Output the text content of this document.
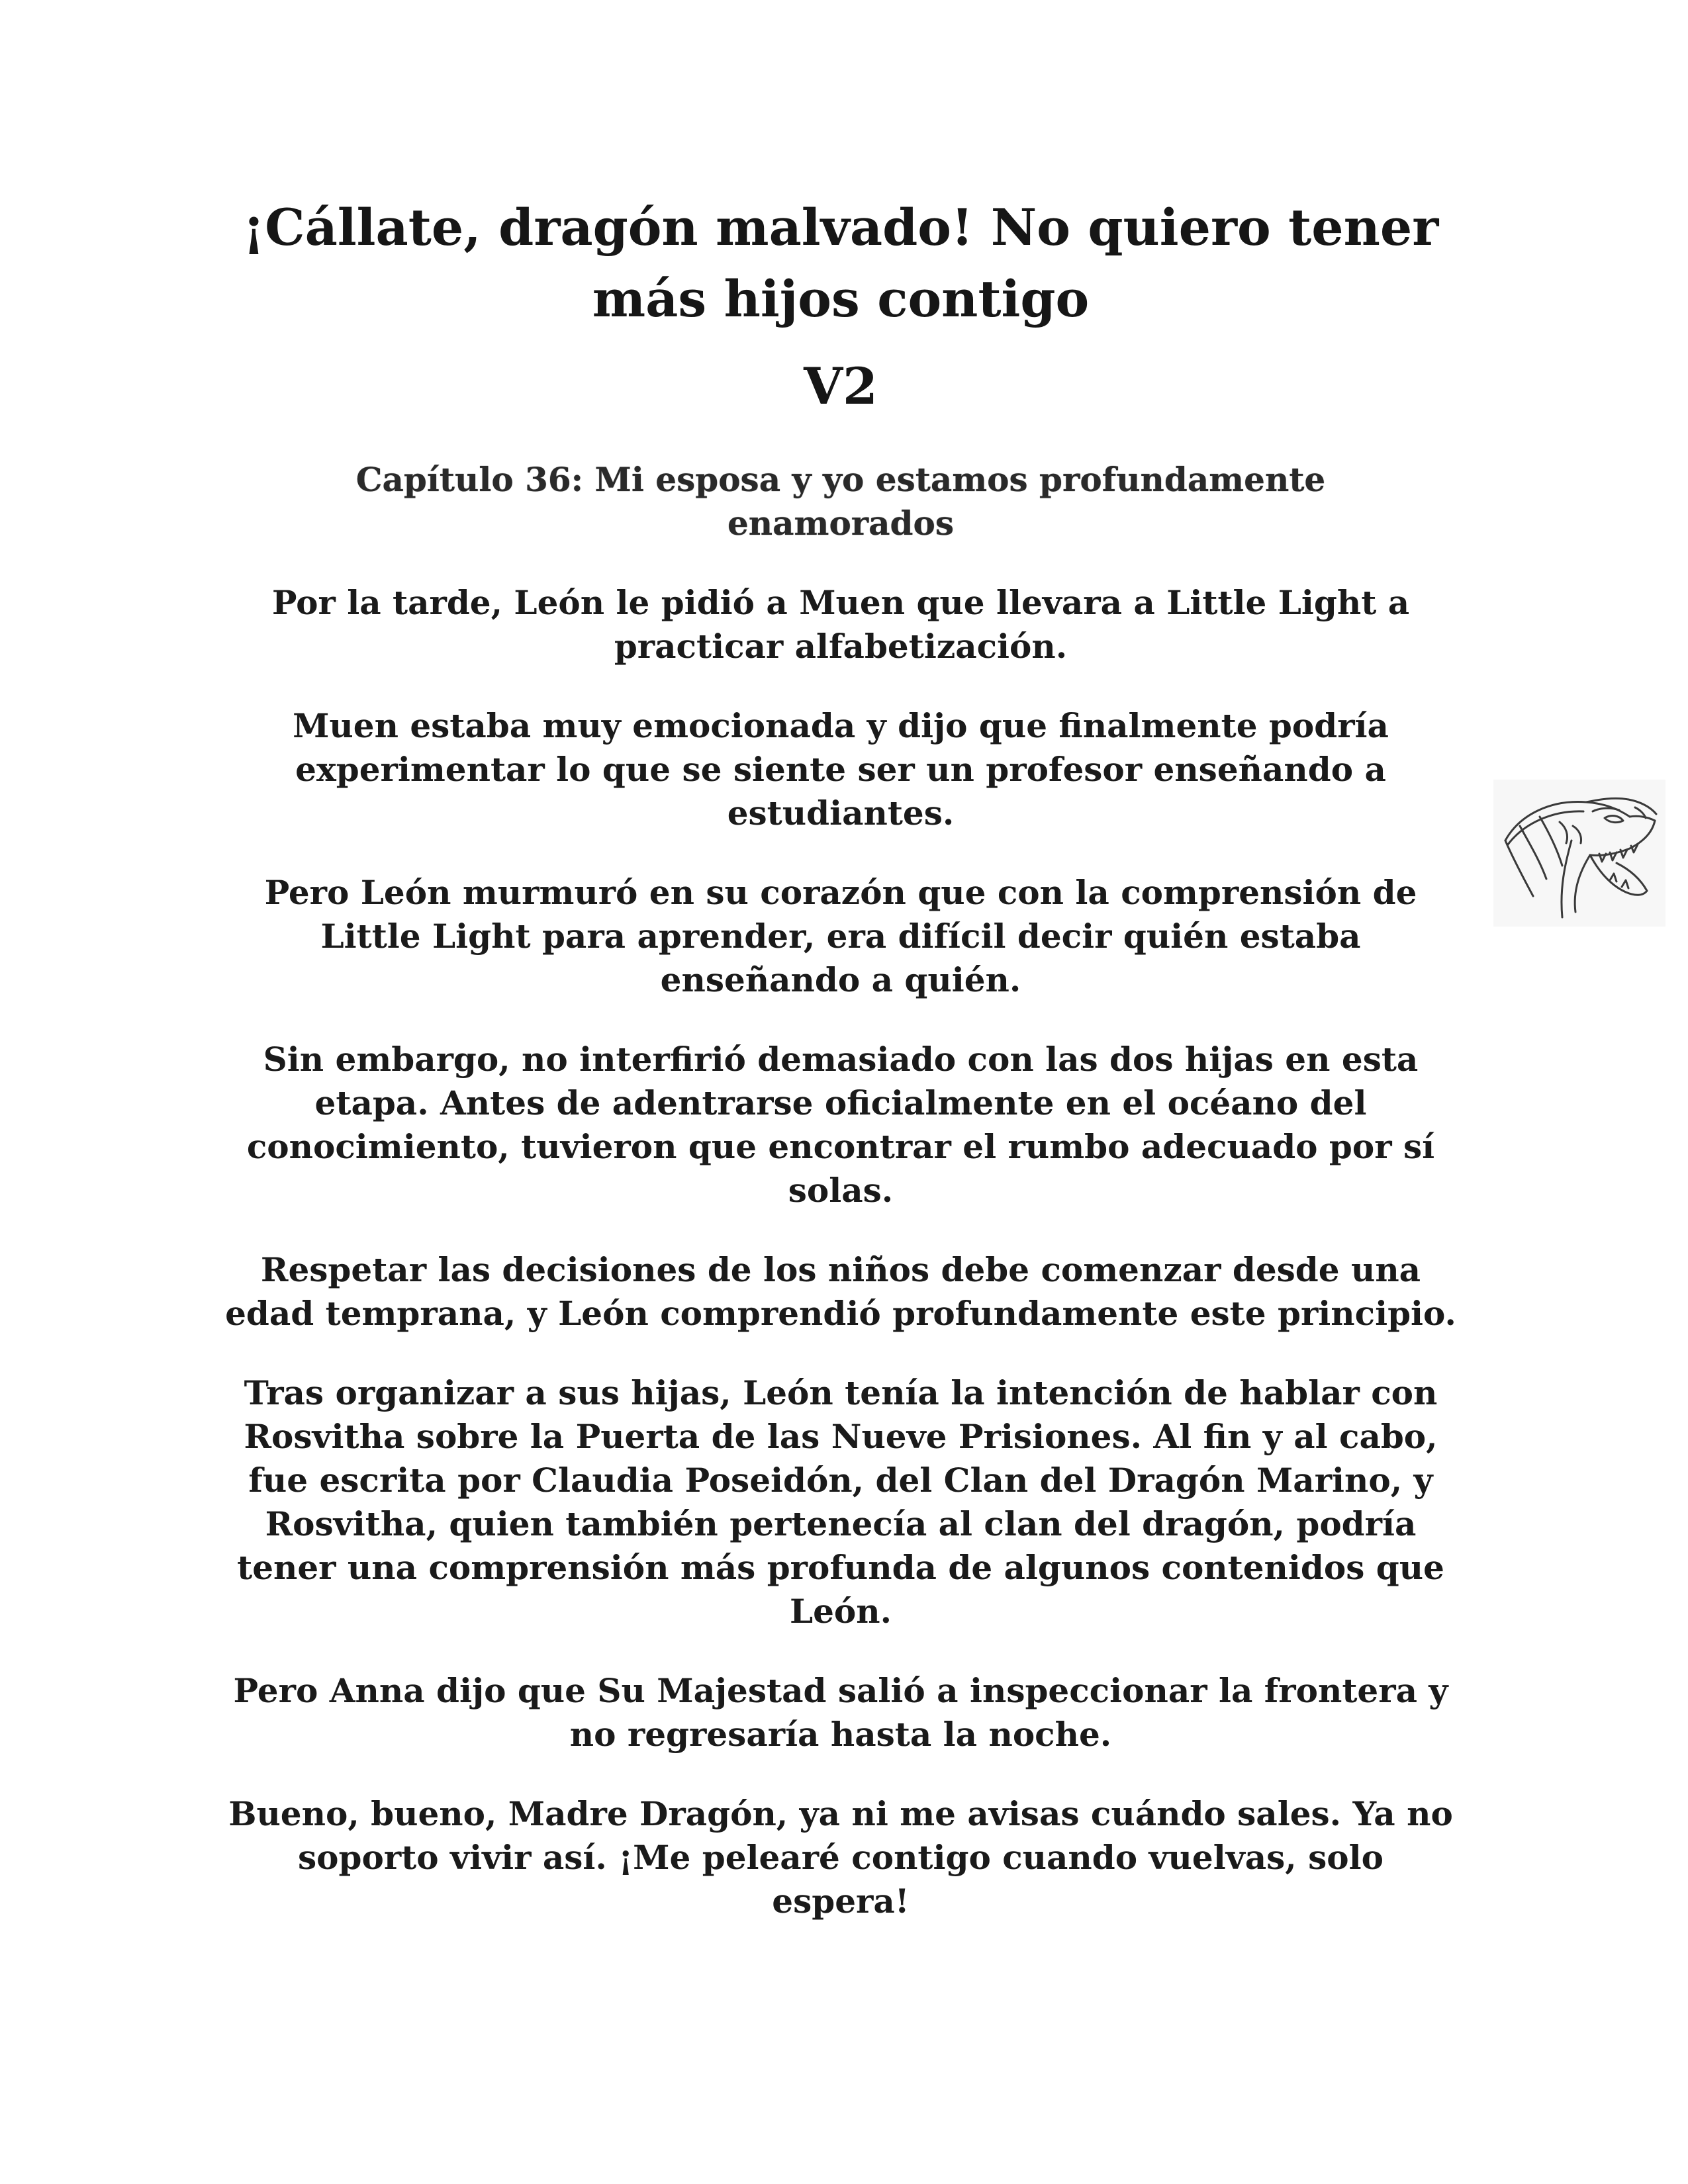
¡Cállate, dragón malvado! No quiero tener más hijos contigo
V2
Capítulo 36: Mi esposa y yo estamos profundamente enamorados

Por la tarde, León le pidió a Muen que llevara a Little Light a practicar alfabetización.

Muen estaba muy emocionada y dijo que finalmente podría experimentar lo que se siente ser un profesor enseñando a estudiantes.

Pero León murmuró en su corazón que con la comprensión de Little Light para aprender, era difícil decir quién estaba enseñando a quién.

Sin embargo, no interfirió demasiado con las dos hijas en esta etapa. Antes de adentrarse oficialmente en el océano del conocimiento, tuvieron que encontrar el rumbo adecuado por sí solas.

Respetar las decisiones de los niños debe comenzar desde una edad temprana, y León comprendió profundamente este principio.

Tras organizar a sus hijas, León tenía la intención de hablar con Rosvitha sobre la Puerta de las Nueve Prisiones. Al fin y al cabo, fue escrita por Claudia Poseidón, del Clan del Dragón Marino, y Rosvitha, quien también pertenecía al clan del dragón, podría tener una comprensión más profunda de algunos contenidos que León.

Pero Anna dijo que Su Majestad salió a inspeccionar la frontera y no regresaría hasta la noche.

Bueno, bueno, Madre Dragón, ya ni me avisas cuándo sales. Ya no soporto vivir así. ¡Me pelearé contigo cuando vuelvas, solo espera!
